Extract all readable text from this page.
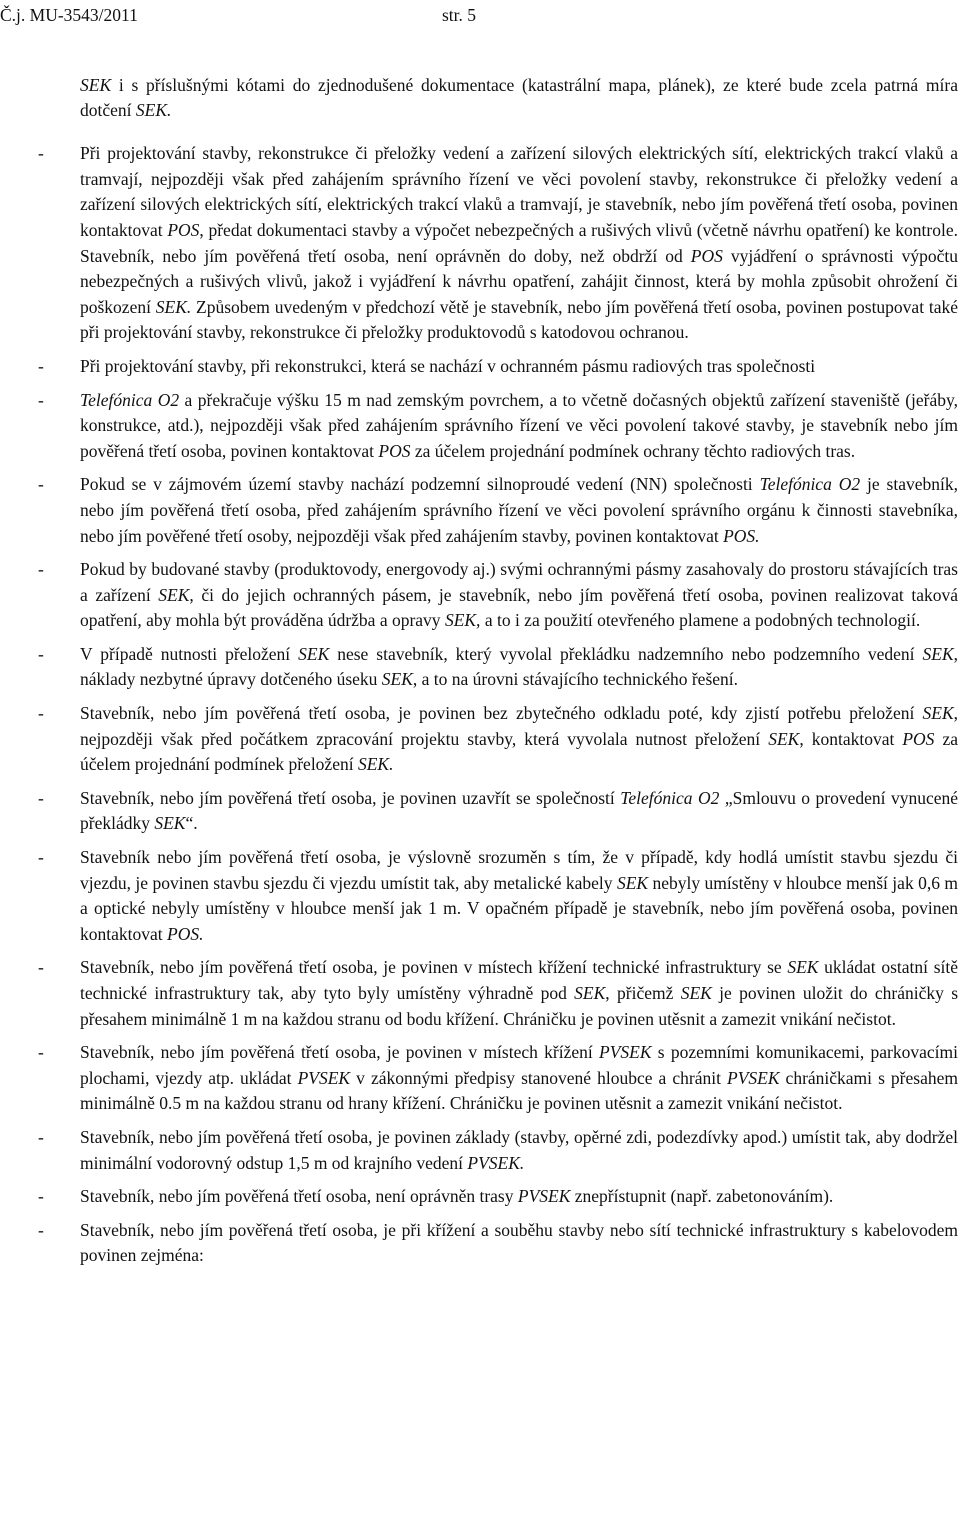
Č.j. MU-3543/2011	str. 5

SEK i s příslušnými kótami do zjednodušené dokumentace (katastrální mapa, plánek), ze které bude zcela patrná míra dotčení SEK.

-	Při projektování stavby, rekonstrukce či přeložky vedení a zařízení silových elektrických sítí, elektrických trakcí vlaků a tramvají, nejpozději však před zahájením správního řízení ve věci povolení stavby, rekonstrukce či přeložky vedení a zařízení silových elektrických sítí, elektrických trakcí vlaků a tramvají, je stavebník, nebo jím pověřená třetí osoba, povinen kontaktovat POS, předat dokumentaci stavby a výpočet nebezpečných a rušivých vlivů (včetně návrhu opatření) ke kontrole. Stavebník, nebo jím pověřená třetí osoba, není oprávněn do doby, než obdrží od POS vyjádření o správnosti výpočtu nebezpečných a rušivých vlivů, jakož i vyjádření k návrhu opatření, zahájit činnost, která by mohla způsobit ohrožení či poškození SEK. Způsobem uvedeným v předchozí větě je stavebník, nebo jím pověřená třetí osoba, povinen postupovat také při projektování stavby, rekonstrukce či přeložky produktovodů s katodovou ochranou.
-	Při projektování stavby, při rekonstrukci, která se nachází v ochranném pásmu radiových tras společnosti
-	Telefónica O2 a překračuje výšku 15 m nad zemským povrchem, a to včetně dočasných objektů zařízení staveniště (jeřáby, konstrukce, atd.), nejpozději však před zahájením správního řízení ve věci povolení takové stavby, je stavebník nebo jím pověřená třetí osoba, povinen kontaktovat POS za účelem projednání podmínek ochrany těchto radiových tras.
-	Pokud se v zájmovém území stavby nachází podzemní silnoproudé vedení (NN) společnosti Telefónica O2 je stavebník, nebo jím pověřená třetí osoba, před zahájením správního řízení ve věci povolení správního orgánu k činnosti stavebníka, nebo jím pověřené třetí osoby, nejpozději však před zahájením stavby, povinen kontaktovat POS.
-	Pokud by budované stavby (produktovody, energovody aj.) svými ochrannými pásmy zasahovaly do prostoru stávajících tras a zařízení SEK, či do jejich ochranných pásem, je stavebník, nebo jím pověřená třetí osoba, povinen realizovat taková opatření, aby mohla být prováděna údržba a opravy SEK, a to i za použití otevřeného plamene a podobných technologií.
-	V případě nutnosti přeložení SEK nese stavebník, který vyvolal překládku nadzemního nebo podzemního vedení SEK, náklady nezbytné úpravy dotčeného úseku SEK, a to na úrovni stávajícího technického řešení.
-	Stavebník, nebo jím pověřená třetí osoba, je povinen bez zbytečného odkladu poté, kdy zjistí potřebu přeložení SEK, nejpozději však před počátkem zpracování projektu stavby, která vyvolala nutnost přeložení SEK, kontaktovat POS za účelem projednání podmínek přeložení SEK.
-	Stavebník, nebo jím pověřená třetí osoba, je povinen uzavřít se společností Telefónica O2 „Smlouvu o provedení vynucené překládky SEK“.
-	Stavebník nebo jím pověřená třetí osoba, je výslovně srozuměn s tím, že v případě, kdy hodlá umístit stavbu sjezdu či vjezdu, je povinen stavbu sjezdu či vjezdu umístit tak, aby metalické kabely SEK nebyly umístěny v hloubce menší jak 0,6 m a optické nebyly umístěny v hloubce menší jak 1 m. V opačném případě je stavebník, nebo jím pověřená osoba, povinen kontaktovat POS.
-	Stavebník, nebo jím pověřená třetí osoba, je povinen v místech křížení technické infrastruktury se SEK ukládat ostatní sítě technické infrastruktury tak, aby tyto byly umístěny výhradně pod SEK, přičemž SEK je povinen uložit do chráničky s přesahem minimálně 1 m na každou stranu od bodu křížení. Chráničku je povinen utěsnit a zamezit vnikání nečistot.
-	Stavebník, nebo jím pověřená třetí osoba, je povinen v místech křížení PVSEK s pozemními komunikacemi, parkovacími plochami, vjezdy atp. ukládat PVSEK v zákonnými předpisy stanovené hloubce a chránit PVSEK chráničkami s přesahem minimálně 0.5 m na každou stranu od hrany křížení. Chráničku je povinen utěsnit a zamezit vnikání nečistot.
-	Stavebník, nebo jím pověřená třetí osoba, je povinen základy (stavby, opěrné zdi, podezdívky apod.) umístit tak, aby dodržel minimální vodorovný odstup 1,5 m od krajního vedení PVSEK.
-	Stavebník, nebo jím pověřená třetí osoba, není oprávněn trasy PVSEK znepřístupnit (např. zabetonováním).
-	Stavebník, nebo jím pověřená třetí osoba, je při křížení a souběhu stavby nebo sítí technické infrastruktury s kabelovodem povinen zejména:
